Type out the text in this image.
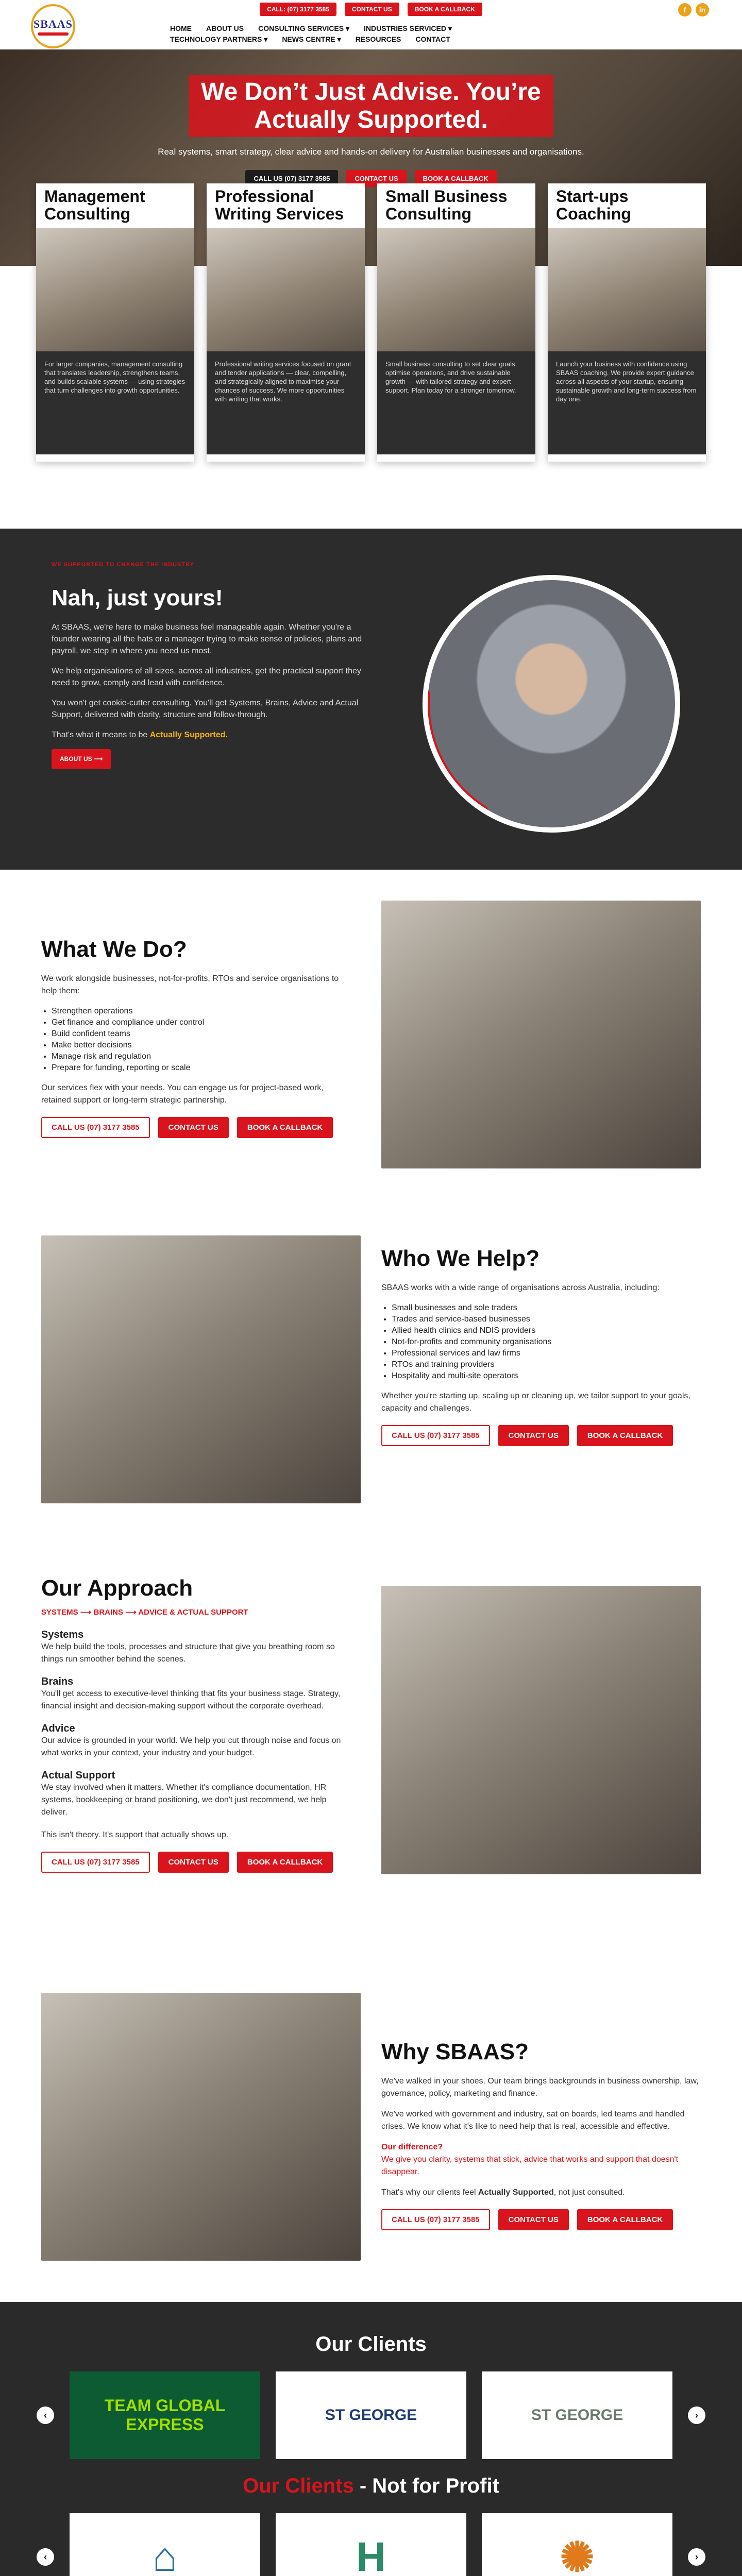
CALL: (07) 3177 3585	CONTACT US	BOOK A CALLBACK	f	in
SBAAS	HOME ABOUT US CONSULTING SERVICES ▾ INDUSTRIES SERVICED ▾
TECHNOLOGY PARTNERS ▾ NEWS CENTRE ▾ RESOURCES CONTACT
We Don’t Just Advise. You’re
Actually Supported.

Real systems, smart strategy, clear advice and hands-on delivery for Australian businesses and organisations.

CALL US (07) 3177 3585	CONTACT US	BOOK A CALLBACK
Management Consulting

For larger companies, management consulting that translates leadership, strengthens teams, and builds scalable systems — using strategies that turn challenges into growth opportunities.

Professional Writing Services

Professional writing services focused on grant and tender applications — clear, compelling, and strategically aligned to maximise your chances of success. We more opportunities with writing that works.

Small Business Consulting

Small business consulting to set clear goals, optimise operations, and drive sustainable growth — with tailored strategy and expert support. Plan today for a stronger tomorrow.

Start-ups Coaching

Launch your business with confidence using SBAAS coaching. We provide expert guidance across all aspects of your startup, ensuring sustainable growth and long-term success from day one.

WE SUPPORTED TO CHANGE THE INDUSTRY
Nah, just yours!

At SBAAS, we're here to make business feel manageable again. Whether you're a founder wearing all the hats or a manager trying to make sense of policies, plans and payroll, we step in where you need us most.

We help organisations of all sizes, across all industries, get the practical support they need to grow, comply and lead with confidence.

You won't get cookie-cutter consulting. You'll get Systems, Brains, Advice and Actual Support, delivered with clarity, structure and follow-through.

That's what it means to be Actually Supported.

ABOUT US ⟶
What We Do?

We work alongside businesses, not-for-profits, RTOs and service organisations to help them:

• Strengthen operations
• Get finance and compliance under control
• Build confident teams
• Make better decisions
• Manage risk and regulation
• Prepare for funding, reporting or scale

Our services flex with your needs. You can engage us for project-based work, retained support or long-term strategic partnership.

CALL US (07) 3177 3585	CONTACT US	BOOK A CALLBACK
Who We Help?

SBAAS works with a wide range of organisations across Australia, including:

• Small businesses and sole traders
• Trades and service-based businesses
• Allied health clinics and NDIS providers
• Not-for-profits and community organisations
• Professional services and law firms
• RTOs and training providers
• Hospitality and multi-site operators

Whether you're starting up, scaling up or cleaning up, we tailor support to your goals, capacity and challenges.

CALL US (07) 3177 3585	CONTACT US	BOOK A CALLBACK
Our Approach

SYSTEMS ⟶ BRAINS ⟶ ADVICE & ACTUAL SUPPORT

Systems

We help build the tools, processes and structure that give you breathing room so things run smoother behind the scenes.

Brains

You'll get access to executive-level thinking that fits your business stage. Strategy, financial insight and decision-making support without the corporate overhead.

Advice

Our advice is grounded in your world. We help you cut through noise and focus on what works in your context, your industry and your budget.

Actual Support

We stay involved when it matters. Whether it's compliance documentation, HR systems, bookkeeping or brand positioning, we don't just recommend, we help deliver.

This isn't theory. It's support that actually shows up.

CALL US (07) 3177 3585	CONTACT US	BOOK A CALLBACK
Why SBAAS?

We've walked in your shoes. Our team brings backgrounds in business ownership, law, governance, policy, marketing and finance.

We've worked with government and industry, sat on boards, led teams and handled crises. We know what it's like to need help that is real, accessible and effective.

Our difference?

We give you clarity, systems that stick, advice that works and support that doesn't disappear.

That's why our clients feel Actually Supported, not just consulted.

CALL US (07) 3177 3585	CONTACT US	BOOK A CALLBACK
Our Clients
‹
TEAM GLOBAL EXPRESS
ST GEORGE	ST GEORGE	›
Our Clients - Not for Profit
‹	⌂	H	✺	›
